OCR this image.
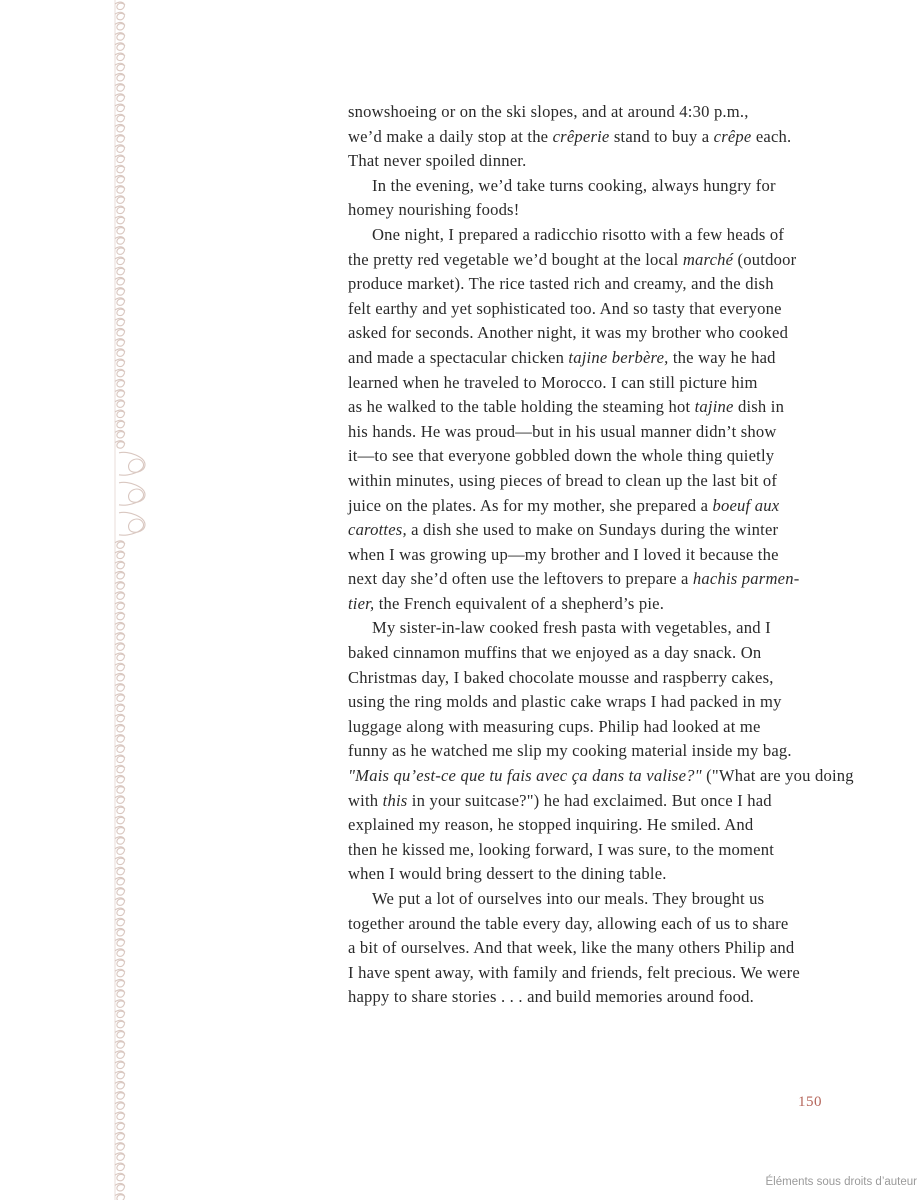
snowshoeing or on the ski slopes, and at around 4:30 p.m.,
we’d make a daily stop at the crêperie stand to buy a crêpe each.
That never spoiled dinner.
In the evening, we’d take turns cooking, always hungry for
homey nourishing foods!
One night, I prepared a radicchio risotto with a few heads of
the pretty red vegetable we’d bought at the local marché (outdoor
produce market). The rice tasted rich and creamy, and the dish
felt earthy and yet sophisticated too. And so tasty that everyone
asked for seconds. Another night, it was my brother who cooked
and made a spectacular chicken tajine berbère, the way he had
learned when he traveled to Morocco. I can still picture him
as he walked to the table holding the steaming hot tajine dish in
his hands. He was proud—but in his usual manner didn’t show
it—to see that everyone gobbled down the whole thing quietly
within minutes, using pieces of bread to clean up the last bit of
juice on the plates. As for my mother, she prepared a boeuf aux
carottes, a dish she used to make on Sundays during the winter
when I was growing up—my brother and I loved it because the
next day she’d often use the leftovers to prepare a hachis parmen-
tier, the French equivalent of a shepherd’s pie.
My sister-in-law cooked fresh pasta with vegetables, and I
baked cinnamon muffins that we enjoyed as a day snack. On
Christmas day, I baked chocolate mousse and raspberry cakes,
using the ring molds and plastic cake wraps I had packed in my
luggage along with measuring cups. Philip had looked at me
funny as he watched me slip my cooking material inside my bag.
"Mais qu’est-ce que tu fais avec ça dans ta valise?" ("What are you doing
with this in your suitcase?") he had exclaimed. But once I had
explained my reason, he stopped inquiring. He smiled. And
then he kissed me, looking forward, I was sure, to the moment
when I would bring dessert to the dining table.
We put a lot of ourselves into our meals. They brought us
together around the table every day, allowing each of us to share
a bit of ourselves. And that week, like the many others Philip and
I have spent away, with family and friends, felt precious. We were
happy to share stories . . . and build memories around food.
150
Éléments sous droits d’auteur
